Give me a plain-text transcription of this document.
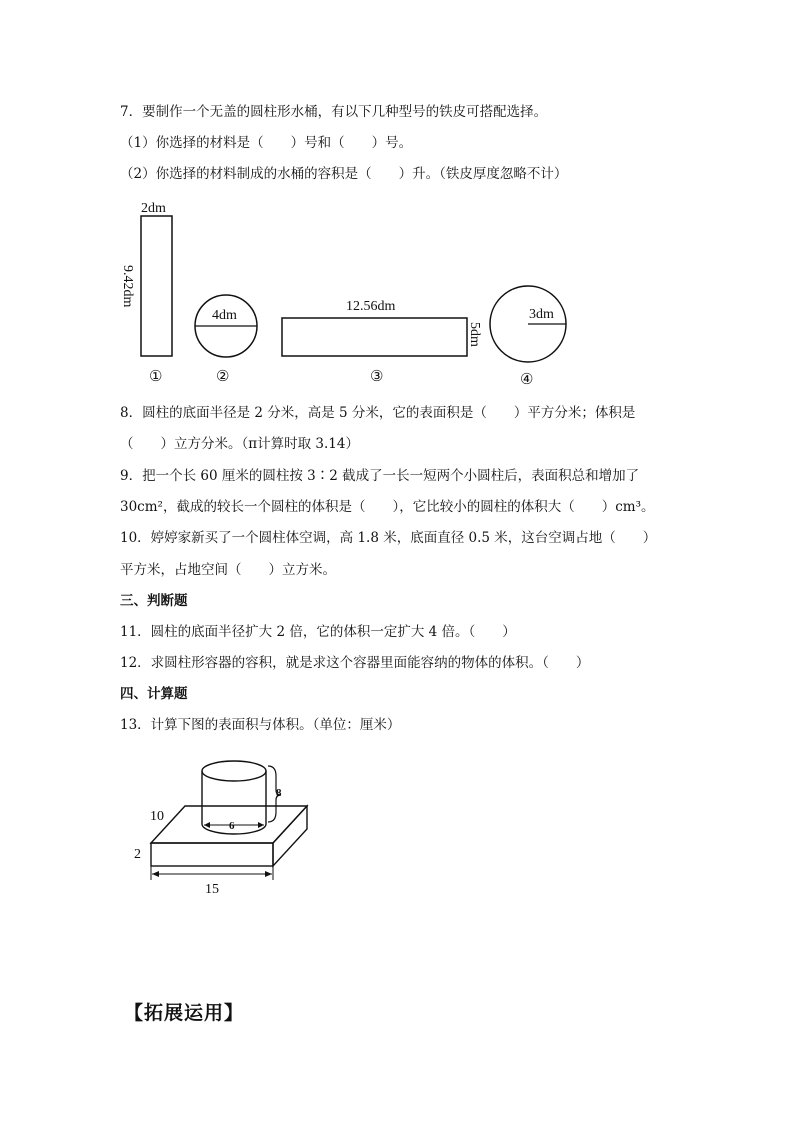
7．要制作一个无盖的圆柱形水桶，有以下几种型号的铁皮可搭配选择。
（1）你选择的材料是（　　）号和（　　）号。
（2）你选择的材料制成的水桶的容积是（　　）升。（铁皮厚度忽略不计）
2dm
9.42dm
①
4dm
②
12.56dm
5dm
③
3dm
④
8．圆柱的底面半径是 2 分米，高是 5 分米，它的表面积是（　　）平方分米；体积是
（　　）立方分米。（π计算时取 3.14）
9．把一个长 60 厘米的圆柱按 3∶2 截成了一长一短两个小圆柱后，表面积总和增加了
30cm²，截成的较长一个圆柱的体积是（　　），它比较小的圆柱的体积大（　　）cm³。
10．婷婷家新买了一个圆柱体空调，高 1.8 米，底面直径 0.5 米，这台空调占地（　　）
平方米，占地空间（　　）立方米。
三、判断题
11．圆柱的底面半径扩大 2 倍，它的体积一定扩大 4 倍。（　　）
12．求圆柱形容器的容积，就是求这个容器里面能容纳的物体的体积。（　　）
四、计算题
13．计算下图的表面积与体积。（单位：厘米）
6
8
10
2
15
【拓展运用】
